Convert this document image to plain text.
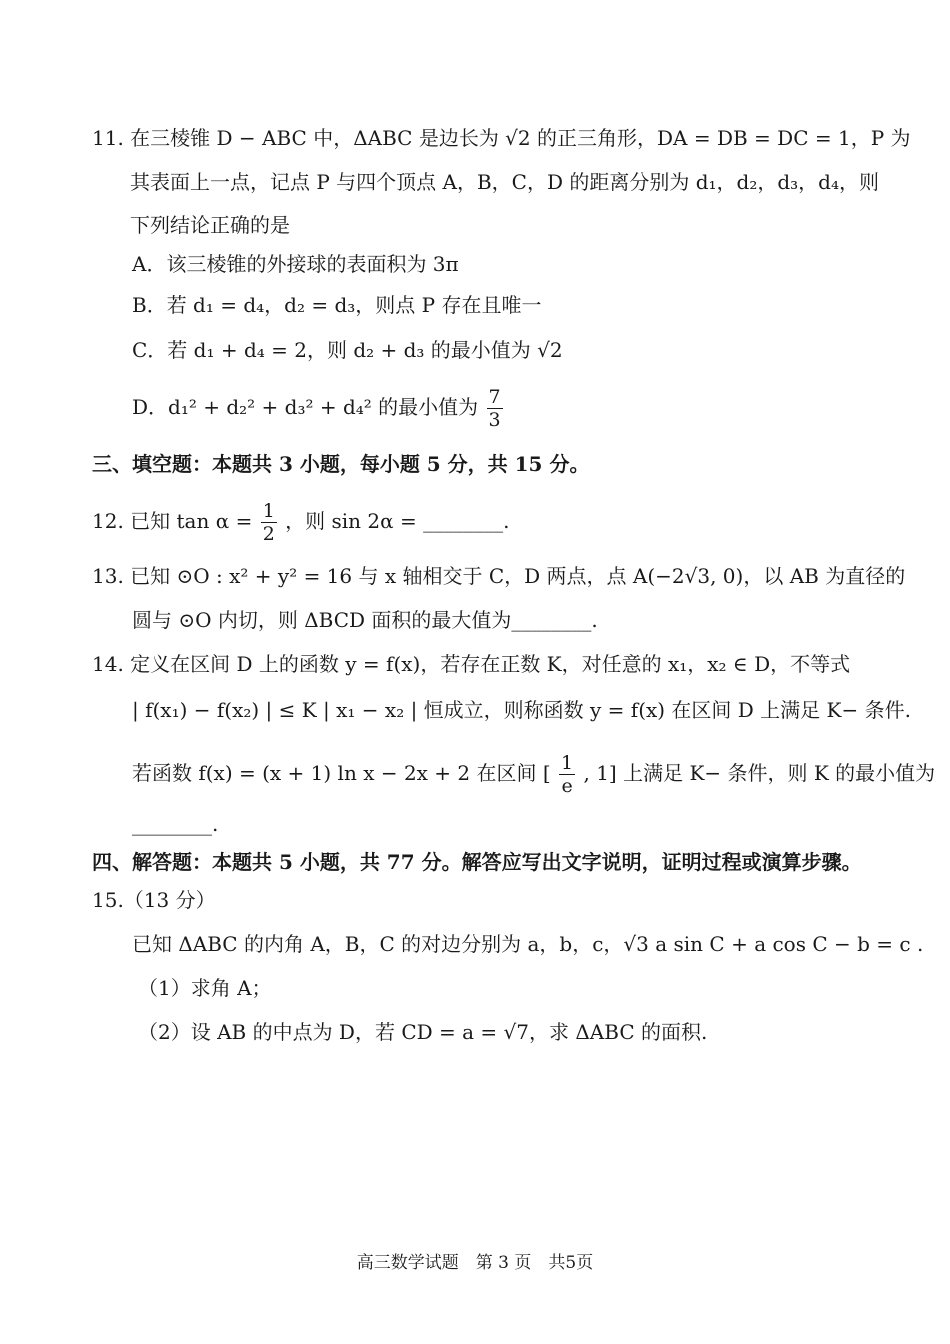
11. 在三棱锥 D − ABC 中，ΔABC 是边长为 √2 的正三角形，DA = DB = DC = 1，P 为
其表面上一点，记点 P 与四个顶点 A，B，C，D 的距离分别为 d₁，d₂，d₃，d₄，则
下列结论正确的是
A．该三棱锥的外接球的表面积为 3π
B．若 d₁ = d₄，d₂ = d₃，则点 P 存在且唯一
C．若 d₁ + d₄ = 2，则 d₂ + d₃ 的最小值为 √2
D．d₁² + d₂² + d₃² + d₄² 的最小值为 $\frac{7}{3}$
三、填空题：本题共 3 小题，每小题 5 分，共 15 分。
12. 已知 $\tan \alpha = \frac{1}{2}$ ，则 sin 2α = ________.
13. 已知 ⊙O : x² + y² = 16 与 x 轴相交于 C，D 两点，点 A(−2√3, 0)，以 AB 为直径的
圆与 ⊙O 内切，则 ΔBCD 面积的最大值为________.
14. 定义在区间 D 上的函数 y = f(x)，若存在正数 K，对任意的 x₁，x₂ ∈ D，不等式
| f(x₁) − f(x₂) | ≤ K | x₁ − x₂ | 恒成立，则称函数 y = f(x) 在区间 D 上满足 K− 条件.
若函数 f(x) = (x + 1) ln x − 2x + 2 在区间 [ $\frac{1}{e}$ , 1] 上满足 K− 条件，则 K 的最小值为
________.
四、解答题：本题共 5 小题，共 77 分。解答应写出文字说明，证明过程或演算步骤。
15.（13 分）
已知 ΔABC 的内角 A，B，C 的对边分别为 a，b，c，√3 a sin C + a cos C − b = c .
（1）求角 A；
（2）设 AB 的中点为 D，若 CD = a = √7，求 ΔABC 的面积.
高三数学试题　第 3 页　共5页
